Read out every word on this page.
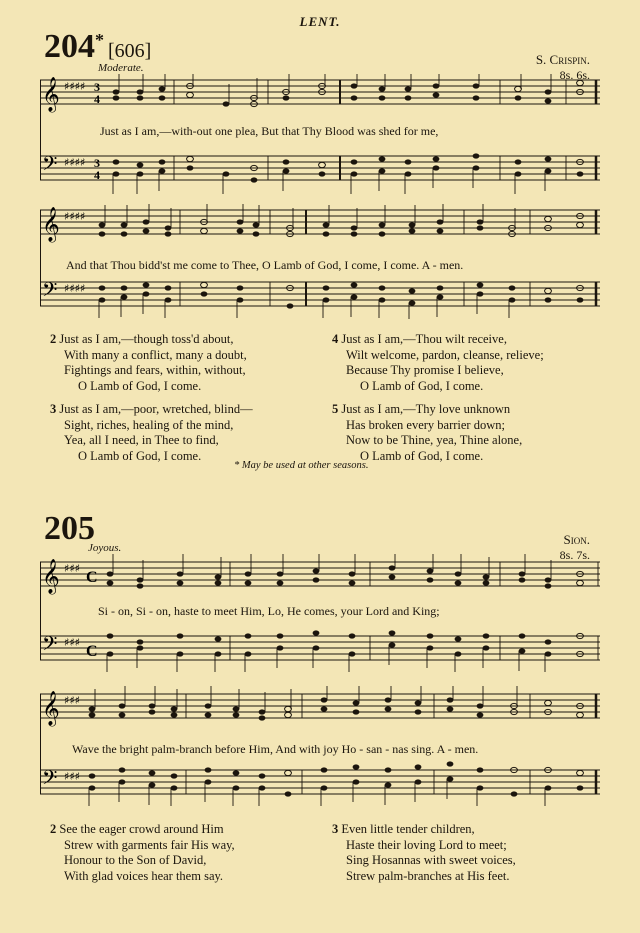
LENT.
204* [606]	S. Crispin.
8s. 6s.
Moderate.
𝄞
𝄢
♯♯♯♯
♯♯♯♯
3
4
3
4
Just as I am,—with-out one plea, But that Thy Blood was shed for me,
𝄞
𝄢
♯♯♯♯
♯♯♯♯
And that Thou bidd'st me come to Thee, O Lamb of God, I come, I come. A - men.
2 Just as I am,—though toss'd about,
With many a conflict, many a doubt,
Fightings and fears, within, without,
O Lamb of God, I come.
3 Just as I am,—poor, wretched, blind—
Sight, riches, healing of the mind,
Yea, all I need, in Thee to find,
O Lamb of God, I come.
4 Just as I am,—Thou wilt receive,
Wilt welcome, pardon, cleanse, relieve;
Because Thy promise I believe,
O Lamb of God, I come.
5 Just as I am,—Thy love unknown
Has broken every barrier down;
Now to be Thine, yea, Thine alone,
O Lamb of God, I come.
* May be used at other seasons.
205	Sion.
8s. 7s.
Joyous.
𝄞
𝄢
♯♯♯
♯♯♯
C
C
Si - on, Si - on, haste to meet Him, Lo, He comes, your Lord and King;
𝄞
𝄢
♯♯♯
♯♯♯
Wave the bright palm-branch before Him, And with joy Ho - san - nas sing. A - men.
2 See the eager crowd around Him
Strew with garments fair His way,
Honour to the Son of David,
With glad voices hear them say.
3 Even little tender children,
Haste their loving Lord to meet;
Sing Hosannas with sweet voices,
Strew palm-branches at His feet.
